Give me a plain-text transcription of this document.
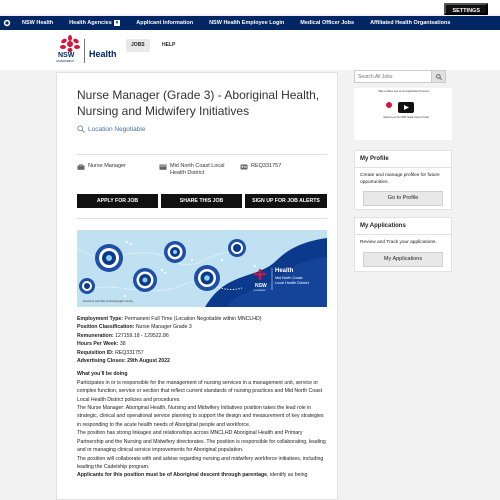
SETTINGS
NSW Health	Health Agencies ▼	Applicant Information	NSW Health Employee Login	Medical Officer Jobs	Affiliated Health Organisations
NSW
GOVERNMENT
Health
JOBS	HELP
Nurse Manager (Grade 3) - Aboriginal Health, Nursing and Midwifery Initiatives
Location Negotiable
Nurse Manager	Mid North Coast Local Health District
REQ331757
APPLY FOR JOB	SHARE THIS JOB	SIGN UP FOR JOB ALERTS
NSW
GOVERNMENT
Health
Mid North Coast
Local Health District
Artwork by Lisa Hoss of Gumbaynggirr Country

Employment Type: Permanent Full Time (Location Negotiable within MNCLHD)

Position Classification: Nurse Manager Grade 3

Remuneration: 127159.18 - 129522.86

Hours Per Week: 38

Requisition ID: REQ331757

Advertising Closes: 29th August 2022

What you'll be doing

Participates in or is responsible for the management of nursing services in a management unit, service or complex function, service or section that reflect current standards of nursing practices and Mid North Coast Local Health District policies and procedures.

The Nurse Manager: Aboriginal Health, Nursing and Midwifery Initiatives position takes the lead role in strategic, clinical and operational service planning to support the design and measurement of key strategies in responding to the acute health needs of Aboriginal people and workforce.

The position has strong linkages and relationships across MNCLHD Aboriginal Health and Primary Partnership and the Nursing and Midwifery directorates. The position is responsible for collaborating, leading and or managing clinical service improvements for Aboriginal population.

The position will collaborate with and advise regarding nursing and midwifery workforce initiatives, including leading the Cadetship program.

Applicants for this position must be of Aboriginal descent through parentage, identify as being

Search All Jobs
Take a Video tour of our Application Process
Welcome to the NSW Health Career Portal
My Profile
Create and manage profiles for future opportunities.
Go to Profile
My Applications
Review and Track your applications.
My Applications
